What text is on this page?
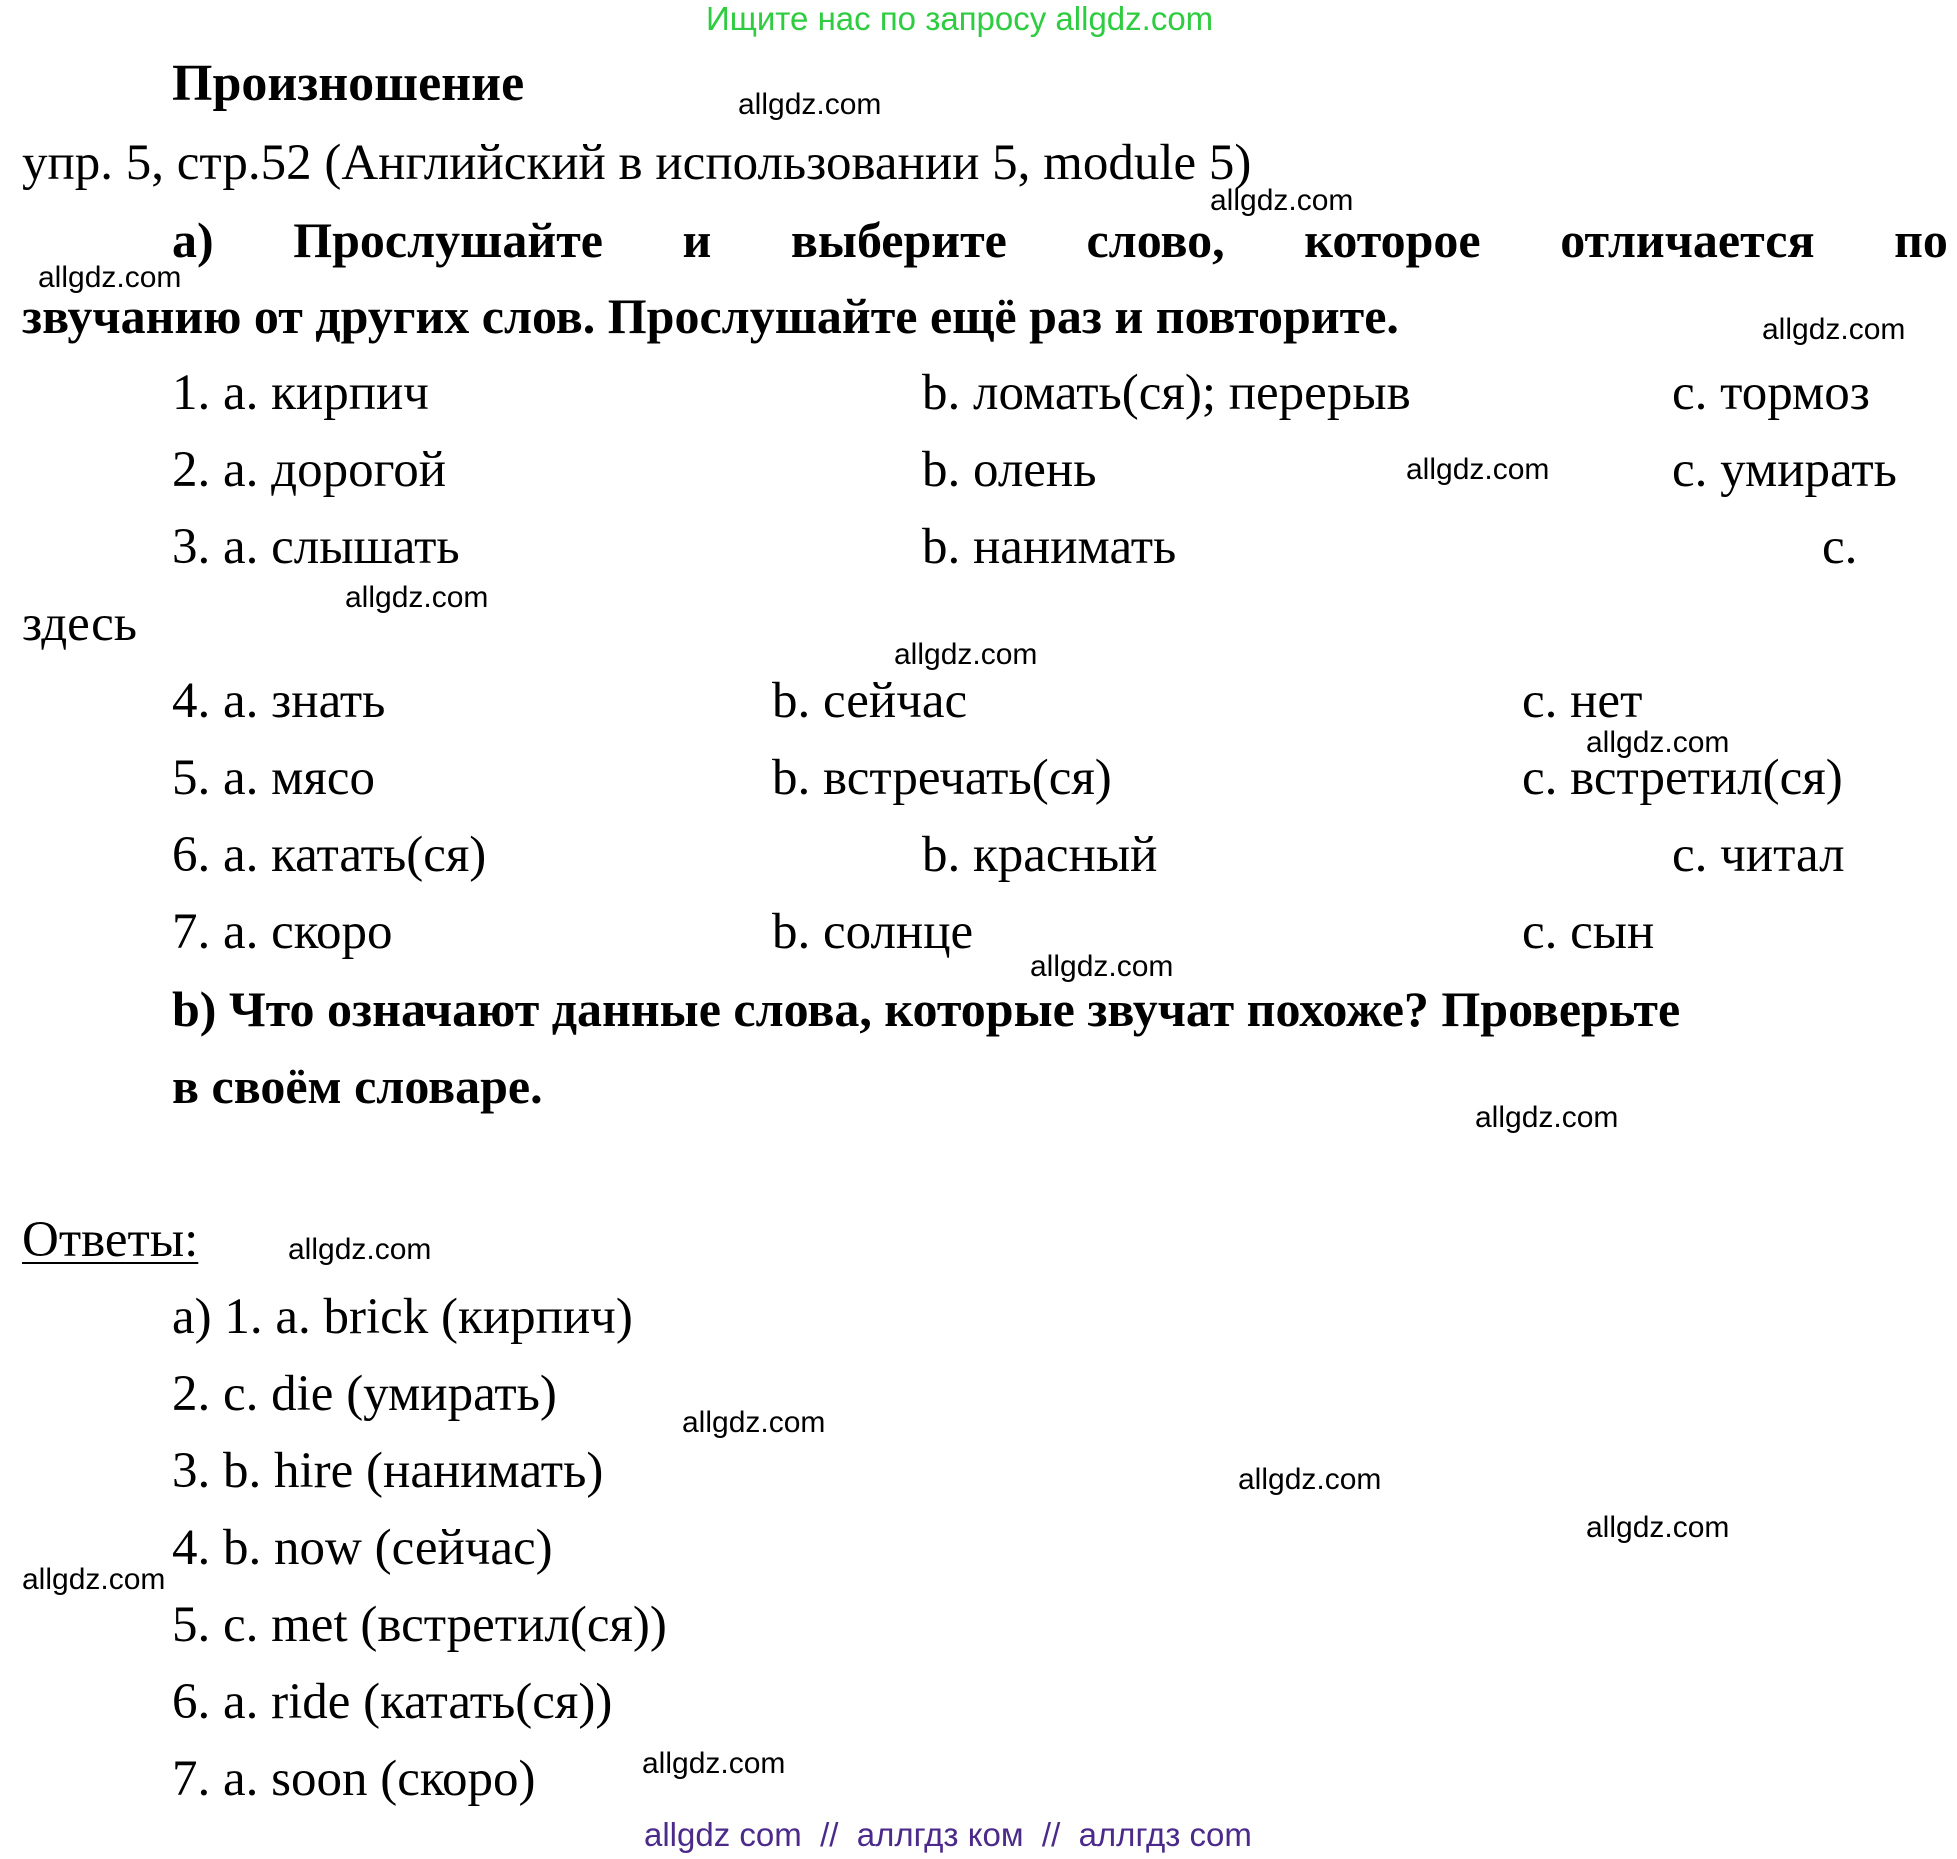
Ищите нас по запросу allgdz.com
Произношение
упр. 5, стр.52 (Английский в использовании 5, module 5)
а) Прослушайте и выберите слово, которое отличается по
звучанию от других слов. Прослушайте ещё раз и повторите.
1. a. кирпич	b. ломать(ся); перерыв	c. тормоз
2. a. дорогой	b. олень	c. умирать
3. a. слышать	b. нанимать	c.
здесь
4. a. знать	b. сейчас	c. нет
5. a. мясо	b. встречать(ся)	c. встретил(ся)
6. a. катать(ся)	b. красный	c. читал
7. a. скоро	b. солнце	c. сын
b) Что означают данные слова, которые звучат похоже? Проверьте
в своём словаре.
Ответы:
a) 1. a. brick (кирпич)
2. c. die (умирать)
3. b. hire (нанимать)
4. b. now (сейчас)
5. c. met (встретил(ся))
6. a. ride (катать(ся))
7. a. soon (скоро)
allgdz.com
allgdz.com
allgdz.com
allgdz.com
allgdz.com
allgdz.com
allgdz.com
allgdz.com
allgdz.com
allgdz.com
allgdz.com
allgdz.com
allgdz.com
allgdz.com
allgdz.com
allgdz.com
allgdz com  //  аллгдз ком  //  аллгдз com
